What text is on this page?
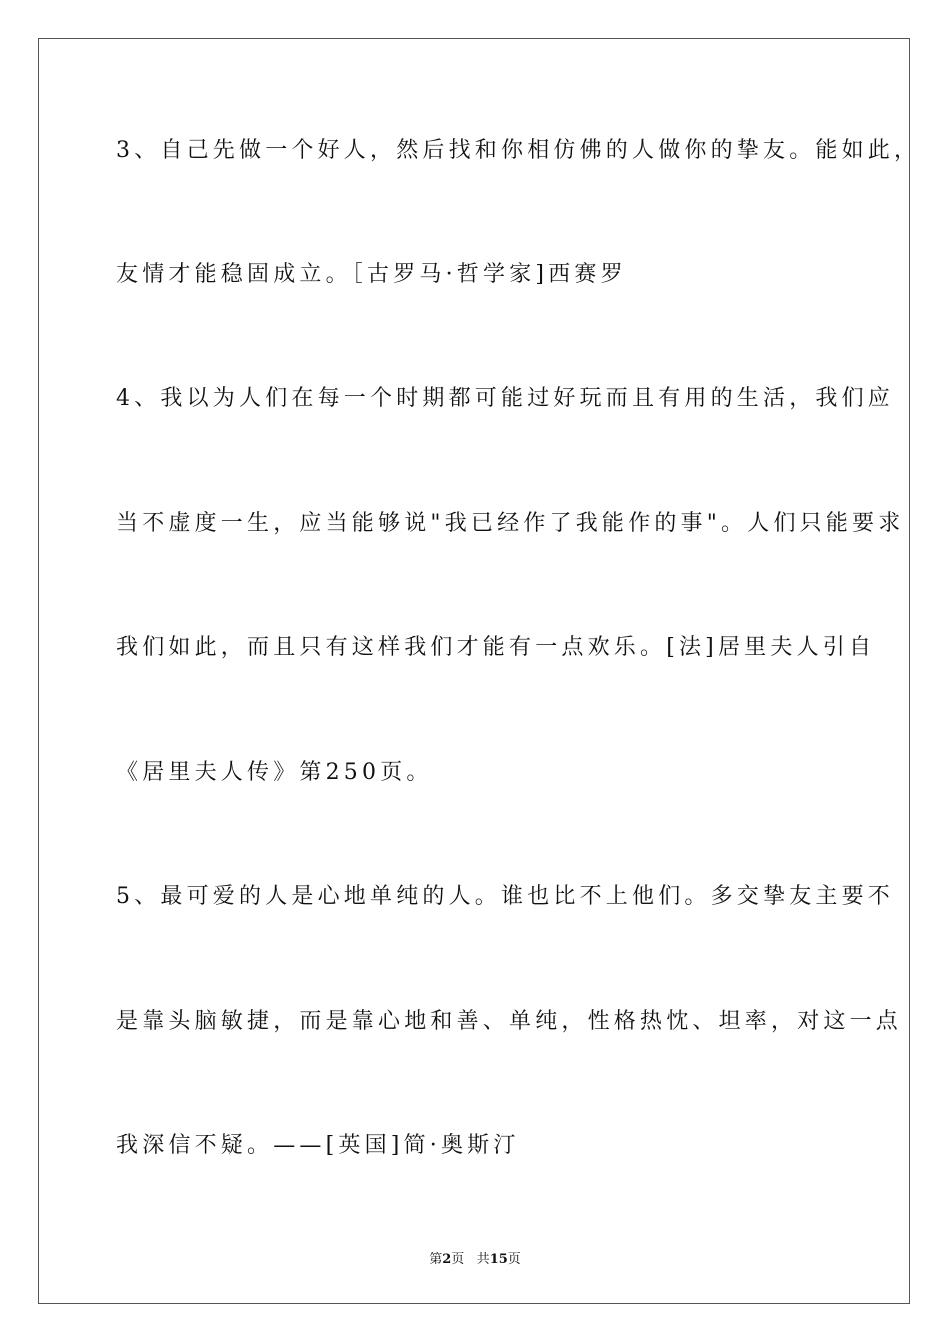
3、自己先做一个好人，然后找和你相仿佛的人做你的挚友。能如此，
友情才能稳固成立。［古罗马·哲学家]西赛罗
4、我以为人们在每一个时期都可能过好玩而且有用的生活，我们应
当不虚度一生，应当能够说"我已经作了我能作的事"。人们只能要求
我们如此，而且只有这样我们才能有一点欢乐。[法]居里夫人引自
《居里夫人传》第250页。
5、最可爱的人是心地单纯的人。谁也比不上他们。多交挚友主要不
是靠头脑敏捷，而是靠心地和善、单纯，性格热忱、坦率，对这一点
我深信不疑。——[英国]简·奥斯汀
第2页 共15页
